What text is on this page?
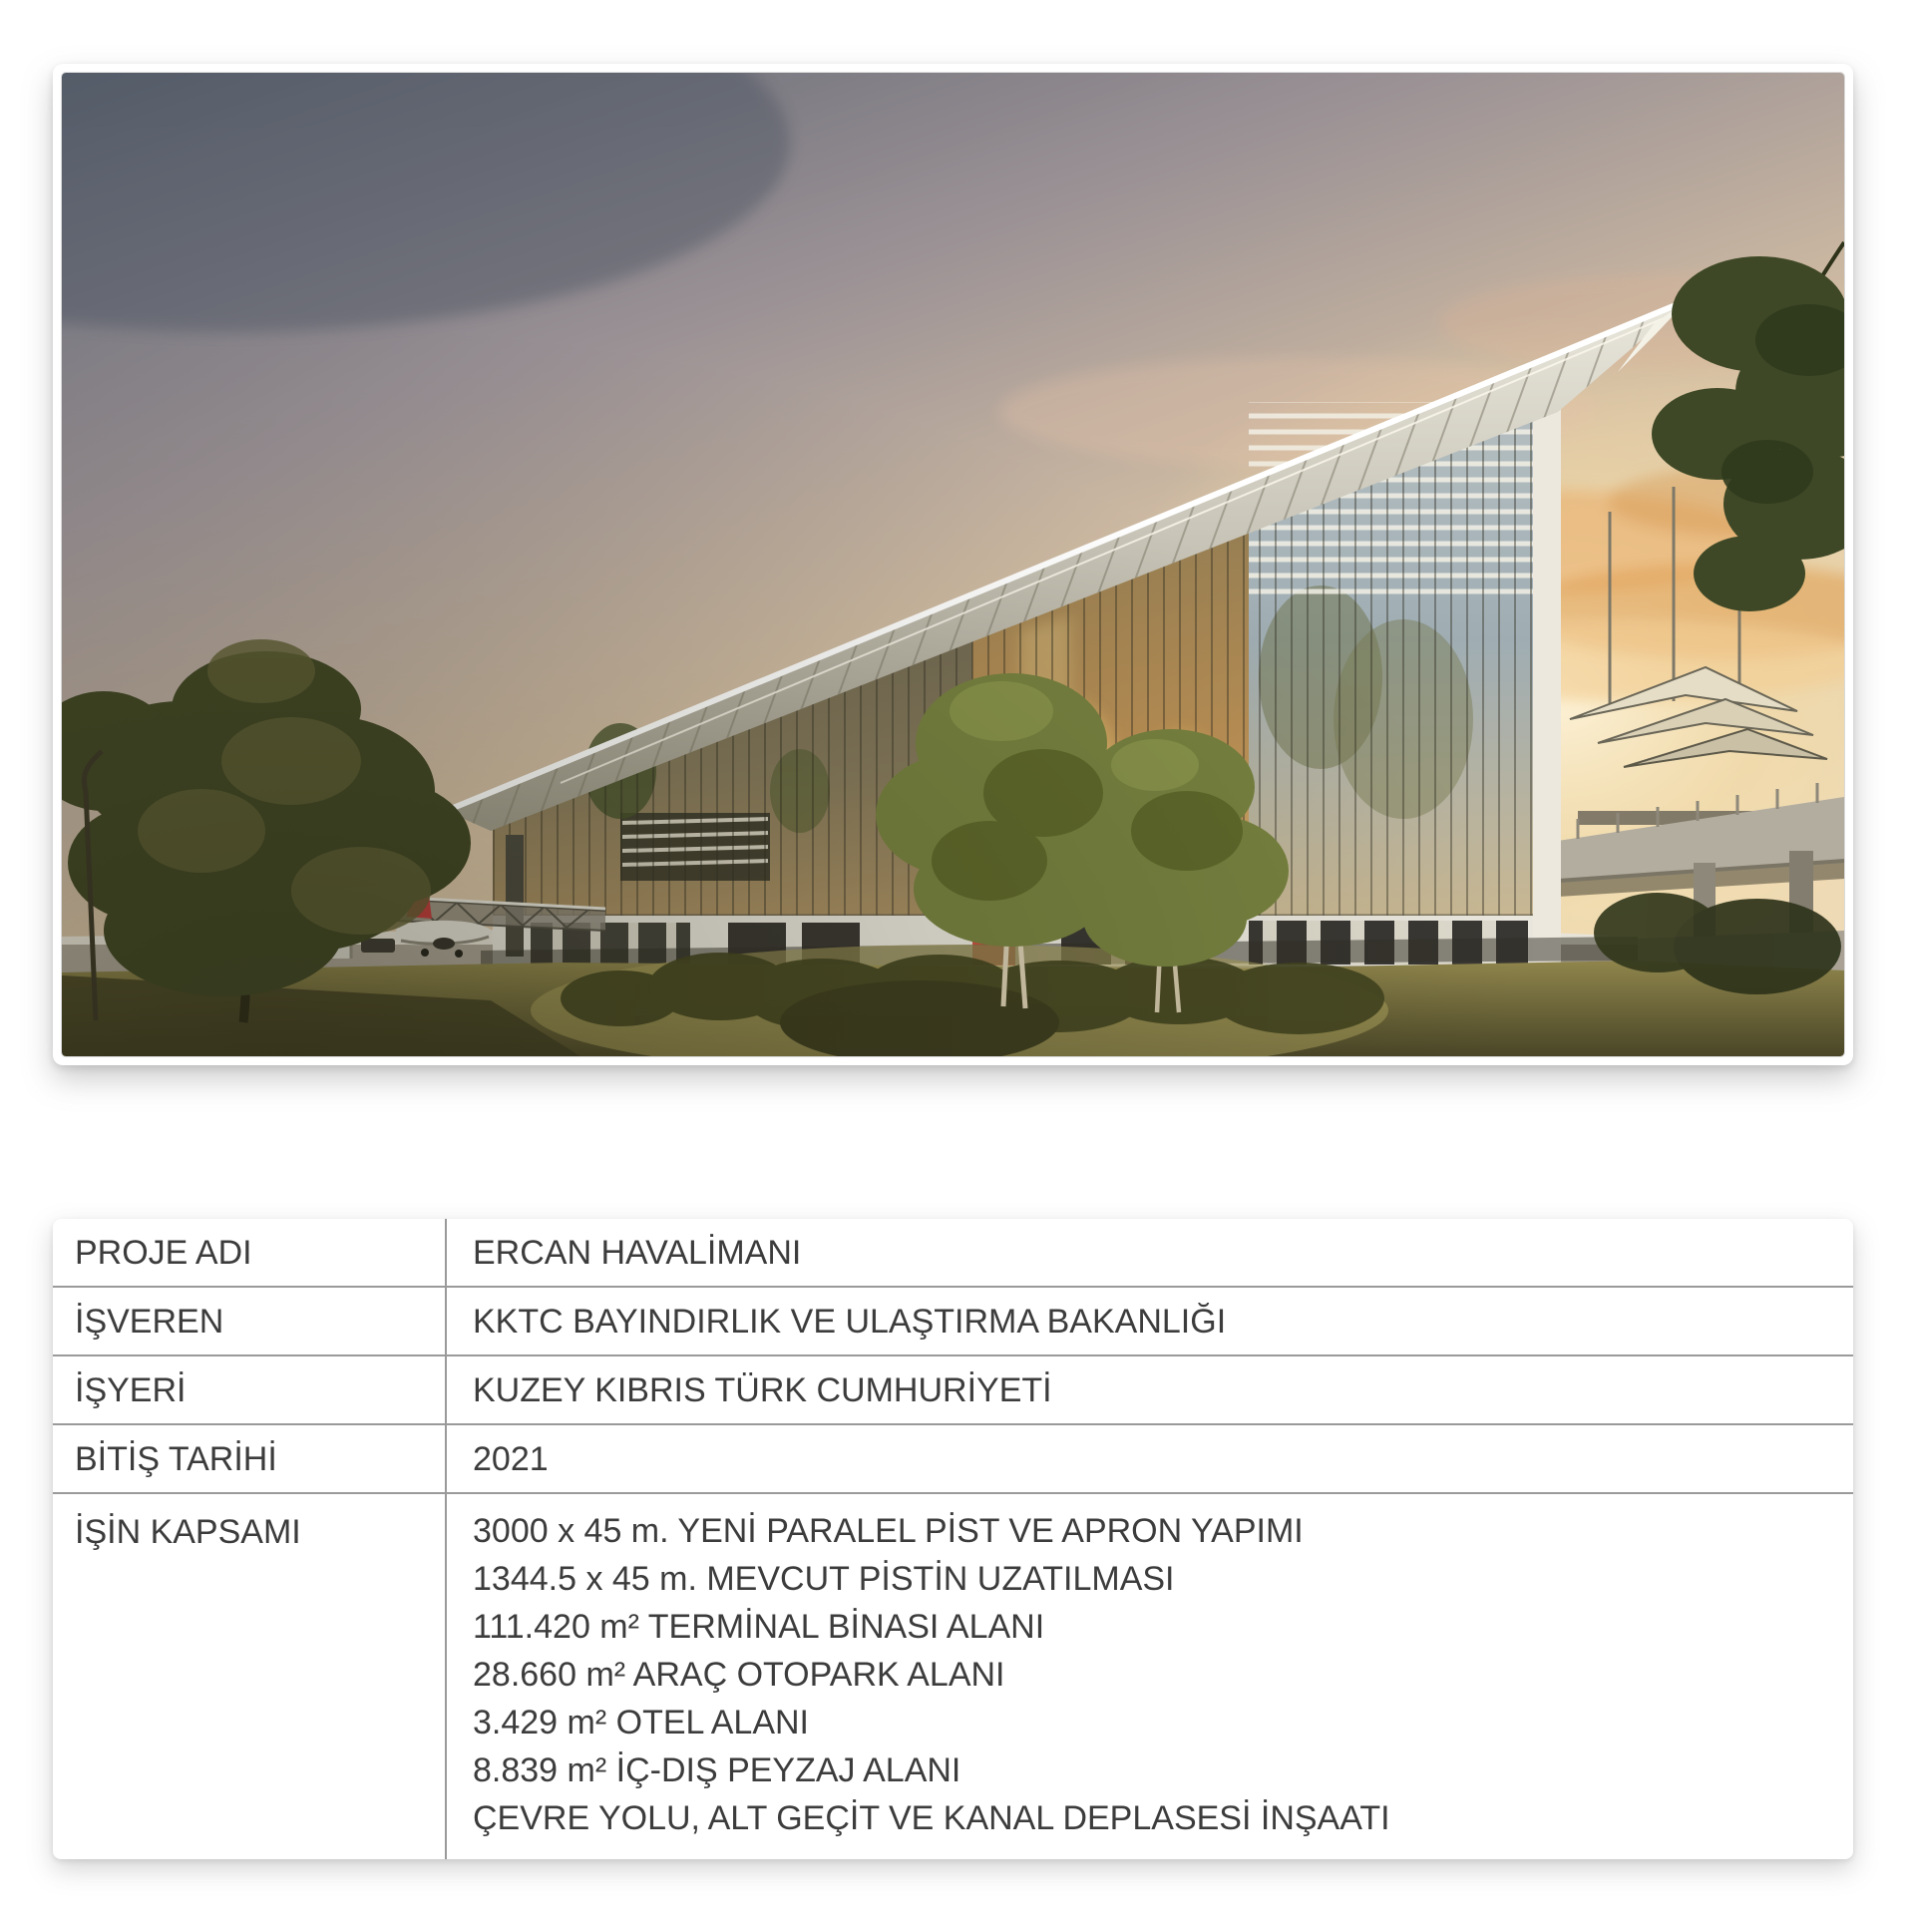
PROJE ADI	ERCAN HAVALİMANI
İŞVEREN	KKTC BAYINDIRLIK VE ULAŞTIRMA BAKANLIĞI
İŞYERİ	KUZEY KIBRIS TÜRK CUMHURİYETİ
BİTİŞ TARİHİ	2021
İŞİN KAPSAMI	3000 x 45 m. YENİ PARALEL PİST VE APRON YAPIMI
1344.5 x 45 m. MEVCUT PİSTİN UZATILMASI
111.420 m² TERMİNAL BİNASI ALANI
28.660 m² ARAÇ OTOPARK ALANI
3.429 m² OTEL ALANI
8.839 m² İÇ-DIŞ PEYZAJ ALANI
ÇEVRE YOLU, ALT GEÇİT VE KANAL DEPLASESİ İNŞAATI
